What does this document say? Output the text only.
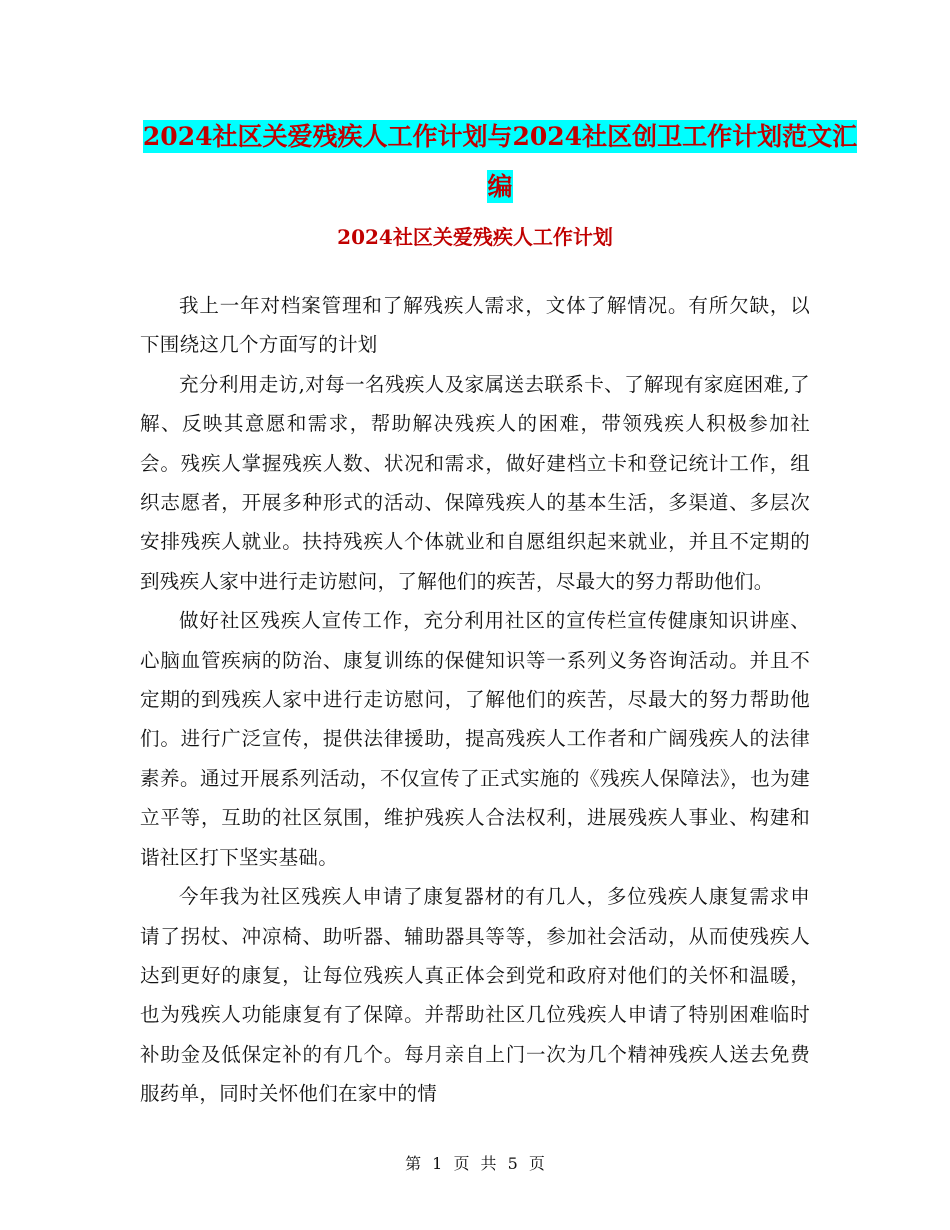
2024社区关爱残疾人工作计划与2024社区创卫工作计划范文汇编
2024社区关爱残疾人工作计划

我上一年对档案管理和了解残疾人需求，文体了解情况。有所欠缺，以下围绕这几个方面写的计划

充分利用走访,对每一名残疾人及家属送去联系卡、了解现有家庭困难,了解、反映其意愿和需求，帮助解决残疾人的困难，带领残疾人积极参加社会。残疾人掌握残疾人数、状况和需求，做好建档立卡和登记统计工作，组织志愿者，开展多种形式的活动、保障残疾人的基本生活，多渠道、多层次安排残疾人就业。扶持残疾人个体就业和自愿组织起来就业，并且不定期的到残疾人家中进行走访慰问，了解他们的疾苦，尽最大的努力帮助他们。

做好社区残疾人宣传工作，充分利用社区的宣传栏宣传健康知识讲座、心脑血管疾病的防治、康复训练的保健知识等一系列义务咨询活动。并且不定期的到残疾人家中进行走访慰问，了解他们的疾苦，尽最大的努力帮助他们。进行广泛宣传，提供法律援助，提高残疾人工作者和广阔残疾人的法律素养。通过开展系列活动，不仅宣传了正式实施的《残疾人保障法》，也为建立平等，互助的社区氛围，维护残疾人合法权利，进展残疾人事业、构建和谐社区打下坚实基础。

今年我为社区残疾人申请了康复器材的有几人，多位残疾人康复需求申请了拐杖、冲凉椅、助听器、辅助器具等等，参加社会活动，从而使残疾人达到更好的康复，让每位残疾人真正体会到党和政府对他们的关怀和温暖，也为残疾人功能康复有了保障。并帮助社区几位残疾人申请了特别困难临时补助金及低保定补的有几个。每月亲自上门一次为几个精神残疾人送去免费服药单，同时关怀他们在家中的情

第 1 页 共 5 页
